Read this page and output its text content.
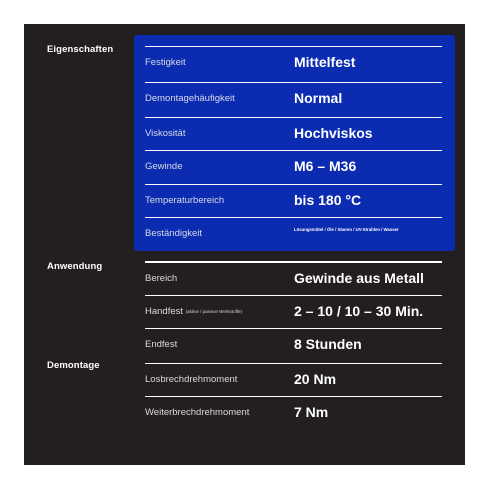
Eigenschaften
Anwendung
Demontage
Festigkeit	Mittelfest
Demontagehäufigkeit	Normal
Viskosität	Hochviskos
Gewinde	M6 – M36
Temperaturbereich	bis 180 °C
Beständigkeit	Lösungsmittel / Öle / Säuren / UV-Strahlen / Wasser
Bereich	Gewinde aus Metall
Handfest (aktive / passive Werkstoffe)	2 – 10 / 10 – 30 Min.
Endfest	8 Stunden
Losbrechdrehmoment	20 Nm
Weiterbrechdrehmoment	7 Nm
